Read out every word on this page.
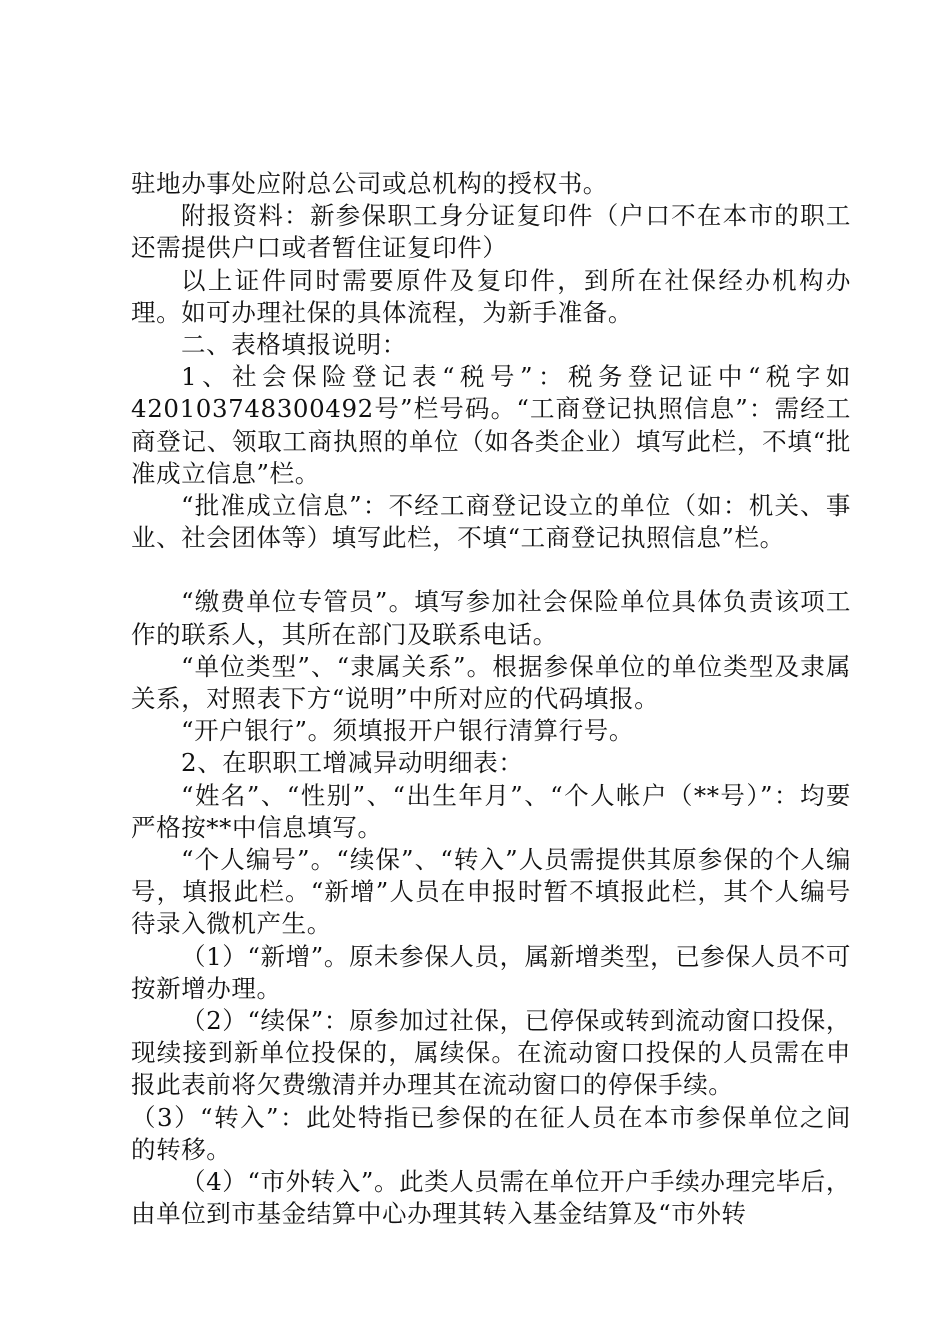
驻地办事处应附总公司或总机构的授权书。

附报资料：新参保职工身分证复印件（户口不在本市的职工还需提供户口或者暂住证复印件）

以上证件同时需要原件及复印件，到所在社保经办机构办理。如可办理社保的具体流程，为新手准备。

二、表格填报说明：

1、社会保险登记表“税号”：税务登记证中“税字如420103748300492号”栏号码。“工商登记执照信息”：需经工商登记、领取工商执照的单位（如各类企业）填写此栏，不填“批准成立信息”栏。

“批准成立信息”：不经工商登记设立的单位（如：机关、事业、社会团体等）填写此栏，不填“工商登记执照信息”栏。

“缴费单位专管员”。填写参加社会保险单位具体负责该项工作的联系人，其所在部门及联系电话。

“单位类型”、“隶属关系”。根据参保单位的单位类型及隶属关系，对照表下方“说明”中所对应的代码填报。

“开户银行”。须填报开户银行清算行号。

2、在职职工增减异动明细表：

“姓名”、“性别”、“出生年月”、“个人帐户（**号）”：均要严格按**中信息填写。

“个人编号”。“续保”、“转入”人员需提供其原参保的个人编号，填报此栏。“新增”人员在申报时暂不填报此栏，其个人编号待录入微机产生。

（1）“新增”。原未参保人员，属新增类型，已参保人员不可按新增办理。

（2）“续保”：原参加过社保，已停保或转到流动窗口投保，现续接到新单位投保的，属续保。在流动窗口投保的人员需在申报此表前将欠费缴清并办理其在流动窗口的停保手续。

（3）“转入”：此处特指已参保的在征人员在本市参保单位之间的转移。

（4）“市外转入”。此类人员需在单位开户手续办理完毕后，由单位到市基金结算中心办理其转入基金结算及“市外转
